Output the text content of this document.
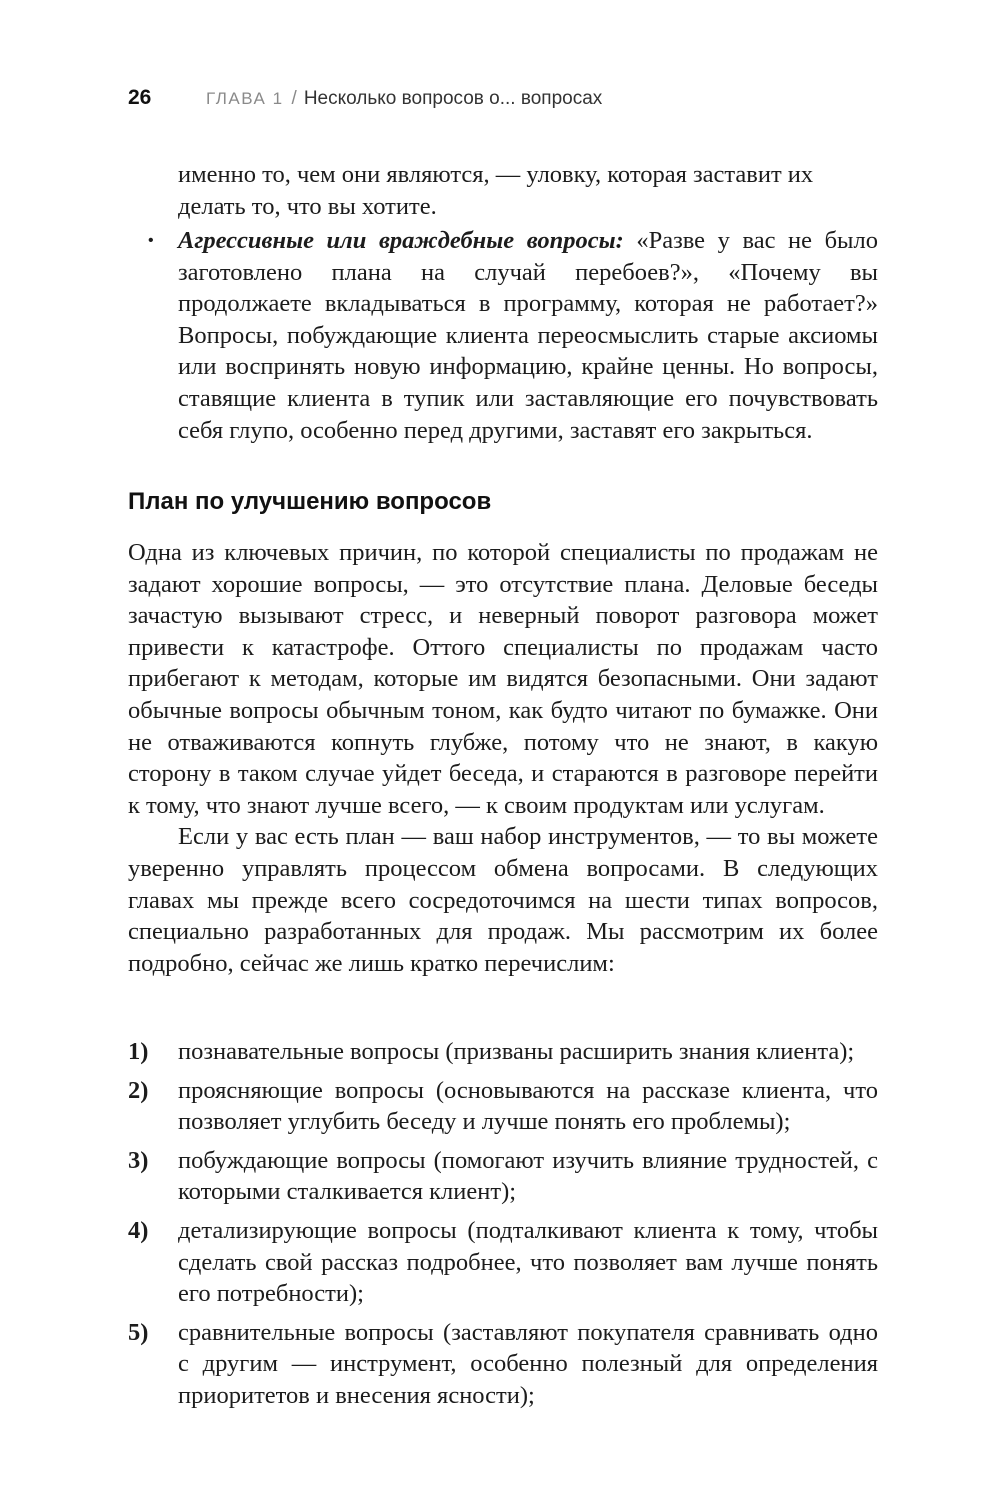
26	ГЛАВА 1 / Несколько вопросов о... вопросах

именно то, чем они являются, — уловку, которая заставит их делать то, что вы хотите.

• Агрессивные или враждебные вопросы: «Разве у вас не было заготовлено плана на случай перебоев?», «Почему вы продолжаете вкладываться в программу, которая не работает?» Вопросы, побуждающие клиента переосмыслить старые аксиомы или воспринять новую информацию, крайне ценны. Но вопросы, ставящие клиента в тупик или заставляющие его почувствовать себя глупо, особенно перед другими, заставят его закрыться.

План по улучшению вопросов

Одна из ключевых причин, по которой специалисты по продажам не задают хорошие вопросы, — это отсутствие плана. Деловые беседы зачастую вызывают стресс, и неверный поворот разговора может привести к катастрофе. Оттого специалисты по продажам часто прибегают к методам, которые им видятся безопасными. Они задают обычные вопросы обычным тоном, как будто читают по бумажке. Они не отваживаются копнуть глубже, потому что не знают, в какую сторону в таком случае уйдет беседа, и стараются в разговоре перейти к тому, что знают лучше всего, — к своим продуктам или услугам.

Если у вас есть план — ваш набор инструментов, — то вы можете уверенно управлять процессом обмена вопросами. В следующих главах мы прежде всего сосредоточимся на шести типах вопросов, специально разработанных для продаж. Мы рассмотрим их более подробно, сейчас же лишь кратко перечислим:

1) познавательные вопросы (призваны расширить знания клиента);
2) проясняющие вопросы (основываются на рассказе клиента, что позволяет углубить беседу и лучше понять его проблемы);
3) побуждающие вопросы (помогают изучить влияние трудностей, с которыми сталкивается клиент);
4) детализирующие вопросы (подталкивают клиента к тому, чтобы сделать свой рассказ подробнее, что позволяет вам лучше понять его потребности);
5) сравнительные вопросы (заставляют покупателя сравнивать одно с другим — инструмент, особенно полезный для определения приоритетов и внесения ясности);
